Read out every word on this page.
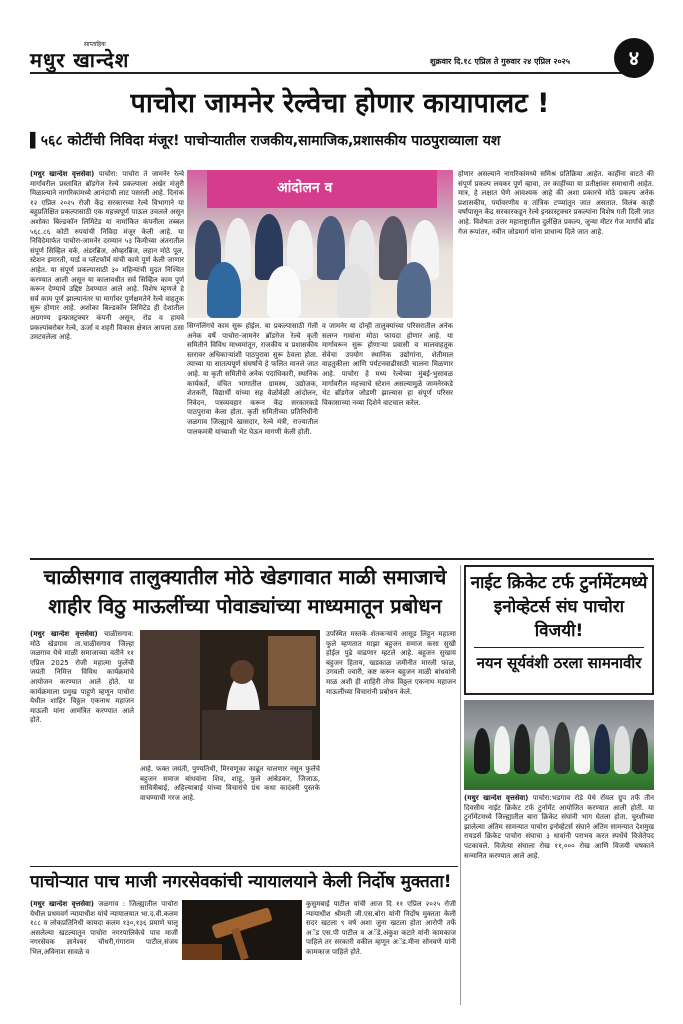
साप्ताहिक
मधुर खान्देश	शुक्रवार दि.१८ एप्रिल ते गुरुवार २४ एप्रिल २०२५	४
पाचोरा जामनेर रेल्वेचा होणार कायापालट !
▌५६८ कोटींची निविदा मंजूर! पाचोऱ्यातील राजकीय,सामाजिक,प्रशासकीय पाठपुराव्याला यश
(मधुर खान्देश वृत्तसेवा) पाचोरा: पाचोरा ते जामनेर रेल्वे मार्गावरील प्रस्तावित ब्रॉडगेज रेल्वे प्रकल्पाला अखेर मंजुरी मिळाल्याने नागरिकांमध्ये आनंदाची लाट पसरली आहे. दिनांक १२ एप्रिल २०२५ रोजी केंद्र सरकारच्या रेल्वे विभागाने या बहुप्रतिक्षित प्रकल्पासाठी एक महत्त्वपूर्ण पाऊल उचलले असून अशोका बिल्डकॉन लिमिटेड या नामांकित कंपनीला तब्बल ५६८.८६ कोटी रुपयांची निविदा मंजूर केली आहे. या निविदेमार्फत पाचोरा-जामनेर दरम्यान ५३ किमीच्या अंतरातील संपूर्ण सिव्हिल वर्क, अंडरब्रिज, ओव्हरब्रिज, लहान मोठे पूल, स्टेशन इमारती, यार्ड व प्लॅटफॉर्म यांची कामे पूर्ण केली जाणार आहेत. या संपूर्ण प्रकल्पासाठी ३० महिन्यांची मुदत निश्चित करण्यात आली असून या कालावधीत सर्व सिव्हिल काम पूर्ण करून देण्याचे उद्दिष्ट ठेवण्यात आले आहे. विशेष म्हणजे हे सर्व काम पूर्ण झाल्यानंतर या मार्गावर पूर्णक्षमतेने रेल्वे वाहतूक सुरू होणार आहे. अशोका बिल्डकॉन लिमिटेड ही देशातील अग्रगण्य इन्फ्रास्ट्रक्चर कंपनी असून, रोड व हायवे प्रकल्पांबरोबर रेल्वे, ऊर्जा व शहरी विकास क्षेत्रात आपला ठसा उमटवलेला आहे.
आंदोलन व
सिग्नलिंगचे काम सुरू होईल. या प्रकल्पासाठी गेली अनेक वर्षे पाचोरा-जामनेर ब्रॉडगेज रेल्वे कृती समितीने विविध माध्यमांतून, राजकीय व प्रशासकीय स्तरावर अधिकाऱ्यांशी पाठपुरावा सुरू ठेवला होता. त्याच्या या सातत्यपूर्ण संघर्षाचे हे फलित मानले जात आहे. या कृती समितीचे अनेक पदाधिकारी, स्थानिक कार्यकर्ते, वंचित भागातील ग्रामस्थ, उद्योजक, शेतकरी, विद्यार्थी यांच्या सह वेळोवेळी आंदोलन, निवेदन, पत्रव्यवहार करून केंद्र सरकारकडे पाठपुरावा केला होता. कृती समितीच्या प्रतिनिधींनी जळगाव जिल्ह्याचे खासदार, रेल्वे मंत्री, राज्यातील पालकमंत्री यांच्याशी भेट घेऊन मागणी केली होती.
व जामनेर या दोन्ही तालुक्यांच्या परिसरातील अनेक सलग्न गावांना मोठा फायदा होणार आहे. या मार्गावरून सुरू होणाऱ्या प्रवासी व मालवाहतूक सेवेचा उपयोग स्थानिक उद्योगांना, शेतीमाल वाहतुकीला आणि पर्यटनवाढीसाठी चालना मिळणार आहे. पाचोरा हे मध्य रेल्वेच्या मुंबई-भुसावळ मार्गावरील महत्त्वाचे स्टेशन असल्यामुळे जामनेरकडे थेट ब्रॉडगेज जोडणी झाल्यास हा संपूर्ण परिसर विकासाच्या नव्या दिशेने वाटचाल करेल.
होणार असल्याने नागरिकांमध्ये समिश्र प्रतिक्रिया आहेत. काहींना वाटते की संपूर्ण प्रकल्प लवकर पूर्ण व्हावा, तर काहींच्या या प्रतीक्षांवर समाधानी आहेत. मात्र, हे लक्षात घेणे आवश्यक आहे की अशा प्रकारचे मोठे प्रकल्प अनेक प्रशासकीय, पर्यावरणीय व तांत्रिक टप्प्यांतून जात असतात. विलंब काही वर्षांपासून केंद्र सरकारकडून रेल्वे इन्फ्रास्ट्रक्चर प्रकल्पांना विशेष गती दिली जात आहे. विशेषतः उत्तर महाराष्ट्रातील दुर्लक्षित प्रकल्प, जुन्या मीटर गेज मार्गांचे ब्रॉड गेज रूपांतर, नवीन जोडमार्ग यांना प्राधान्य दिले जात आहे.
चाळीसगाव तालुक्यातील मोठे खेडगावात माळी समाजाचे शाहीर विठु माऊलींच्या पोवाड्यांच्या माध्यमातून प्रबोधन
(मधुर खान्देश वृत्तसेवा) चाळीसगाव: मोठे खेडगाव ता.चाळीसगाव जिल्हा जळगाव येथे माळी समाजाच्या वतीने ११ एप्रिल 2025 रोजी महात्मा फुलेंची जयंती निमित्त विविध कार्यक्रमांचे आयोजन करण्यात आले होते. या कार्यक्रमाला प्रमुख पाहुणे म्हणून पाचोरा येथील शाहिर विठ्ठल एकनाथ महाजन माऊली यांना आमंत्रित करण्यात आले होते.
आहे. फक्त जयंती, पुण्यतिथी, मिरवणूका काढून चालणार नसून फुलेंचे बहुजन समाज बांधवांना शिव, शाहू, फुले आंबेडकर, जिजाऊ, सावित्रीबाई, अहिल्याबाई यांच्या विचारांचे ग्रंथ कथा कादंबरी पुस्तके वाचण्याची गरज आहे.
उपस्थित मस्तके शेतकऱ्यांचे आसूड लिहून महात्मा फुले म्हणतात माझा बहुजन समाज कसा सुखी होईल पुढे वाढणार म्हटले आहे. बहुजन सुखाय बहुजन हिताय, खडकाळ जमीनीत मारली फाळ, उगवली ज्वारी, कष्ट करून बहुजन माळी बांधवांनी माळ अशी ही शाहिरी तोफ विठ्ठल एकनाथ महाजन माऊलींच्या विचारांनी प्रबोधन केले.
नाईट क्रिकेट टर्फ टुर्नामेंटमध्ये इनोव्हेटर्स संघ पाचोरा विजयी!
नयन सूर्यवंशी ठरला सामनावीर
(मधुर खान्देश वृत्तसेवा) पाचोरा:भडगाव रोडे येथे रॉयल ग्रुप तर्फे तीन दिवसीय नाईट क्रिकेट टर्फ टुर्नामेंट आयोजित करण्यात आली होती. या टुर्नामेंटमध्ये जिल्ह्यातील बारा क्रिकेट संघांनी भाग घेतला होता. चुरशीच्या झालेल्या अंतिम सामन्यात पाचोरा इनोव्हेटर्स संघाने अंतिम सामन्यात देशमुख रायडर्स क्रिकेट पाचोरा संघाचा ३ धावांनी पराभव करत स्पर्धेचे विजेतेपद पटकावले. विजेत्या संघाला रोख ११,००० रोख आणि विजयी चषकाने सन्मानित करण्यात आले आहे.
पाचोऱ्यात पाच माजी नगरसेवकांची न्यायालयाने केली निर्दोष मुक्तता!
(मधुर खान्देश वृत्तसेवा) जळगाव : जिल्ह्यातील पाचोरा येथील प्रथमवर्ग न्यायाधीश यांचे न्यायालयात भा.द.वी.कलम १८८ व लोकप्रतिनिधी कायदा कलम १३०,१३६ प्रमाणे चालू असलेल्या खटल्यातून पाचोरा नगरपालिकेचे पाच माजी नगरसेवक ज्ञानेश्वर चौधरी,गंगाराम पाटील,संजय भिल,अविनाश सावळे व
कुसुमबाई पाटील यांची आज दि ११ एप्रिल २०२५ रोजी न्यायाधीश श्रीमती जी.एस.बोरा यांनी निर्दोष मुक्तता केली सदर खटला ९ वर्ष अशा जुना खटला होता आरोपी तर्फे अॅड एस.पी पाटील व अॅडे.अंकुश कटारे यांनी कामकाज पाहिले तर सरकारी वकील म्हणून अॅड.मीना सोनवणे यांनी कामकाज पाहिले होते.
